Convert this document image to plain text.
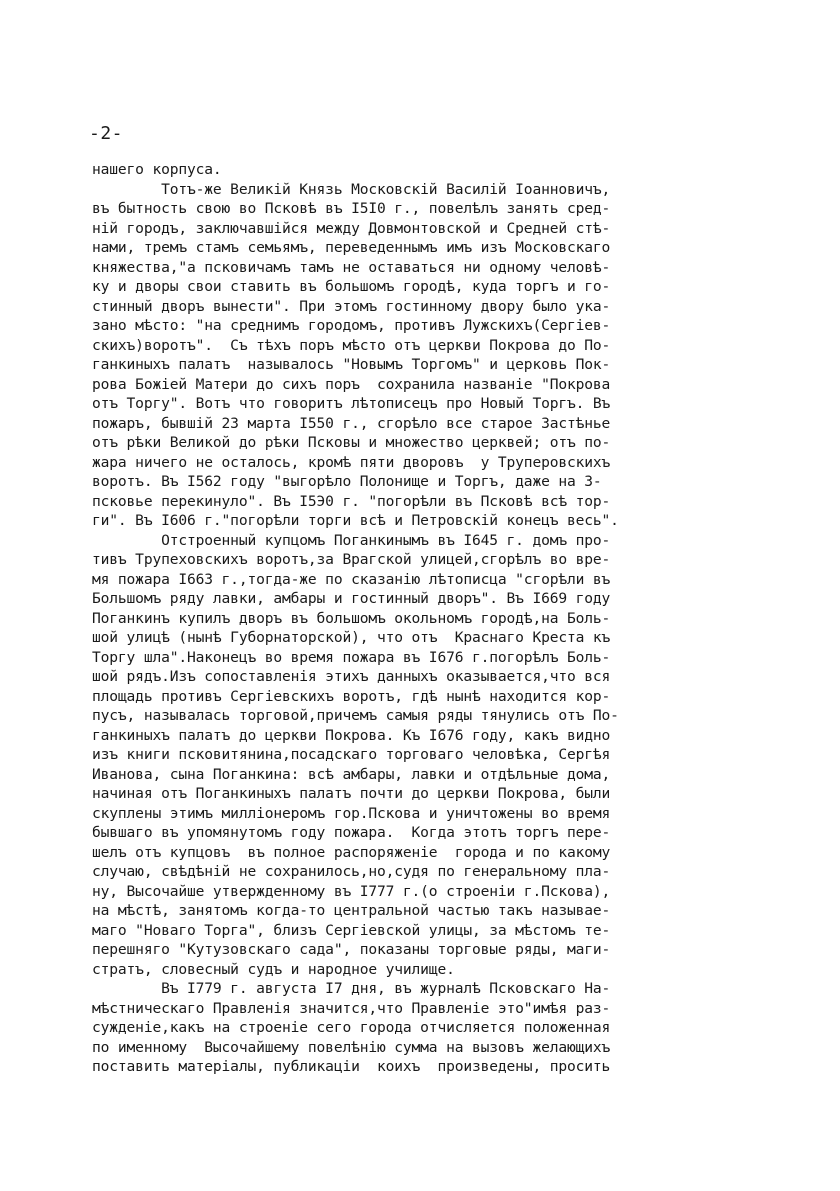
-2-

нашего корпуса.
Тотъ-же Великiй Князь Московскiй Василiй Iоанновичъ,
въ бытность свою во Псковѣ въ I5I0 г., повелѣлъ занять сред-
нiй городъ, заключавшiйся между Довмонтовской и Средней стѣ-
нами, тремъ стамъ семьямъ, переведеннымъ имъ изъ Московскаго
княжества,"а псковичамъ тамъ не оставаться ни одному человѣ-
ку и дворы свои ставить въ большомъ городѣ, куда торгъ и го-
стинный дворъ вынести". При этомъ гостинному двору было ука-
зано мѣсто: "на среднимъ городомъ, противъ Лужскихъ(Сергiев-
скихъ)воротъ".  Съ тѣхъ поръ мѣсто отъ церкви Покрова до По-
ганкиныхъ палатъ  называлось "Новымъ Торгомъ" и церковь Пок-
рова Божiей Матери до сихъ поръ  сохранила названiе "Покрова
отъ Торгу". Вотъ что говоритъ лѣтописецъ про Новый Торгъ. Въ
пожаръ, бывшiй 23 марта I550 г., сгорѣло все старое Застѣнье
отъ рѣки Великой до рѣки Псковы и множество церквей; отъ по-
жара ничего не осталось, кромѣ пяти дворовъ  у Труперовскихъ
воротъ. Въ I562 году "выгорѣло Полонище и Торгъ, даже на З-
псковье перекинуло". Въ I5Э0 г. "погорѣли въ Псковѣ всѣ тор-
ги". Въ I606 г."погорѣли торги всѣ и Петровскiй конецъ весь".
Отстроенный купцомъ Поганкинымъ въ I645 г. домъ про-
тивъ Трупеховскихъ воротъ,за Врагской улицей,сгорѣлъ во вре-
мя пожара I663 г.,тогда-же по сказанiю лѣтописца "сгорѣли въ
Большомъ ряду лавки, амбары и гостинный дворъ". Въ I669 году
Поганкинъ купилъ дворъ въ большомъ окольномъ городѣ,на Боль-
шой улицѣ (нынѣ Губорнаторской), что отъ  Краснаго Креста къ
Торгу шла".Наконецъ во время пожара въ I676 г.погорѣлъ Боль-
шой рядъ.Изъ сопоставленiя этихъ данныхъ оказывается,что вся
площадь противъ Сергiевскихъ воротъ, гдѣ нынѣ находится кор-
пусъ, называлась торговой,причемъ самыя ряды тянулись отъ По-
ганкиныхъ палатъ до церкви Покрова. Къ I676 году, какъ видно
изъ книги псковитянина,посадскаго торговаго человѣка, Сергѣя
Иванова, сына Поганкина: всѣ амбары, лавки и отдѣльные дома,
начиная отъ Поганкиныхъ палатъ почти до церкви Покрова, были
скуплены этимъ миллiонеромъ гор.Пскова и уничтожены во время
бывшаго въ упомянутомъ году пожара.  Когда этотъ торгъ пере-
шелъ отъ купцовъ  въ полное распоряженiе  города и по какому
случаю, свѣдѣнiй не сохранилось,но,судя по генеральному пла-
ну, Высочайше утвержденному въ I777 г.(о строенiи г.Пскова),
на мѣстѣ, занятомъ когда-то центральной частью такъ называе-
маго "Новаго Торга", близъ Сергiевской улицы, за мѣстомъ те-
перешняго "Кутузовскаго сада", показаны торговые ряды, маги-
стратъ, словесный судъ и народное училище.
Въ I779 г. августа I7 дня, въ журналѣ Псковскаго На-
мѣстническаго Правленiя значится,что Правленiе это"имѣя раз-
сужденiе,какъ на строенiе сего города отчисляется положенная
по именному  Высочайшему повелѣнiю сумма на вызовъ желающихъ
поставить матерiалы, публикацiи  коихъ  произведены, просить
